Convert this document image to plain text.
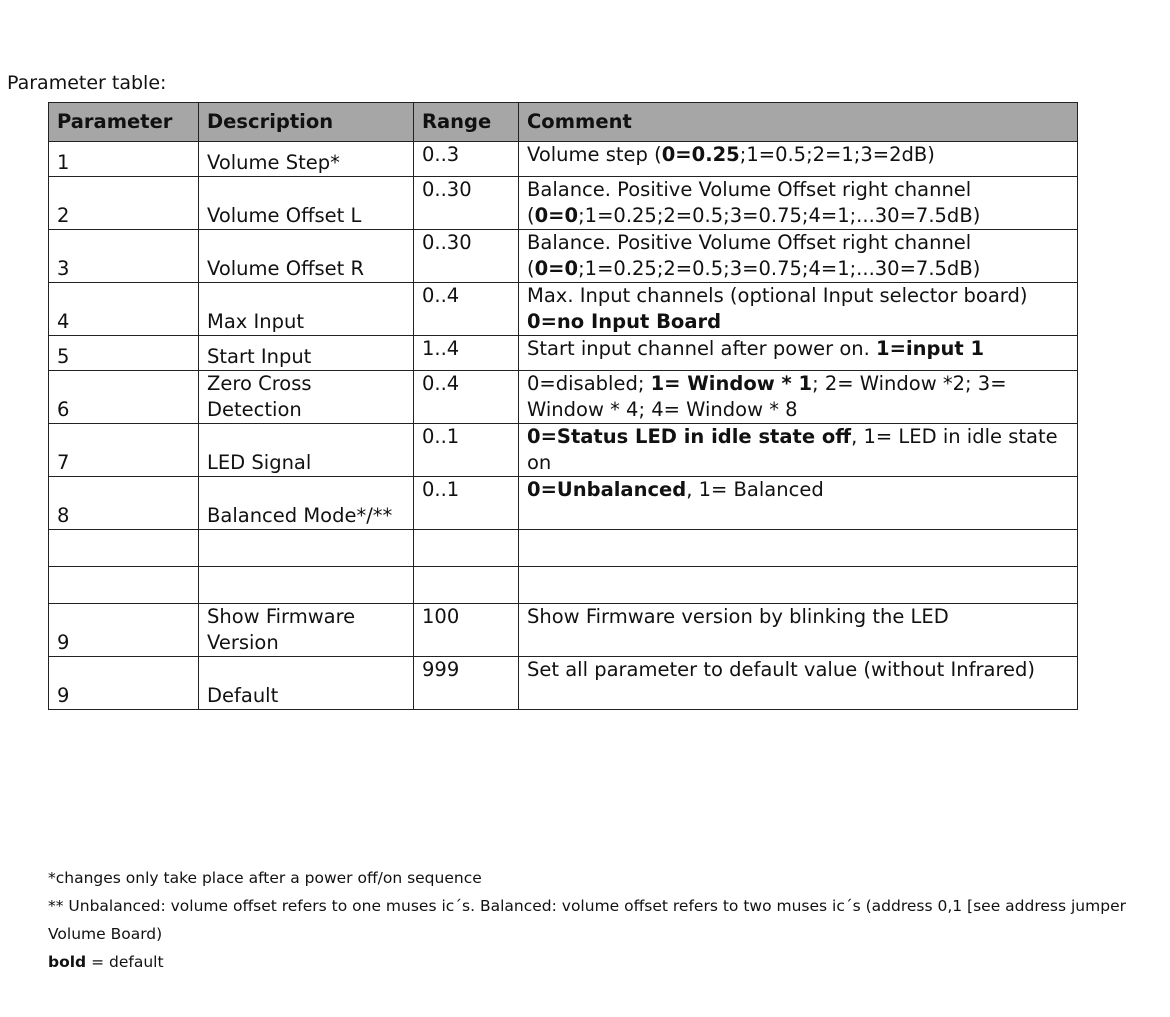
Parameter table:
Parameter	Description	Range	Comment
1	Volume Step*	0..3	Volume step (0=0.25;1=0.5;2=1;3=2dB)
2	Volume Offset L	0..30	Balance. Positive Volume Offset right channel (0=0;1=0.25;2=0.5;3=0.75;4=1;...30=7.5dB)
3	Volume Offset R	0..30	Balance. Positive Volume Offset right channel (0=0;1=0.25;2=0.5;3=0.75;4=1;...30=7.5dB)
4	Max Input	0..4	Max. Input channels (optional Input selector board) 0=no Input Board
5	Start Input	1..4	Start input channel after power on. 1=input 1
6	Zero Cross Detection	0..4	0=disabled; 1= Window * 1; 2= Window *2; 3= Window * 4; 4= Window * 8
7	LED Signal	0..1	0=Status LED in idle state off, 1= LED in idle state on
8	Balanced Mode*/**	0..1	0=Unbalanced, 1= Balanced

9	Show Firmware Version	100	Show Firmware version by blinking the LED
9	Default	999	Set all parameter to default value (without Infrared)
*changes only take place after a power off/on sequence
** Unbalanced: volume offset refers to one muses ic´s. Balanced: volume offset refers to two muses ic´s (address 0,1 [see address jumper Volume Board)
bold = default
